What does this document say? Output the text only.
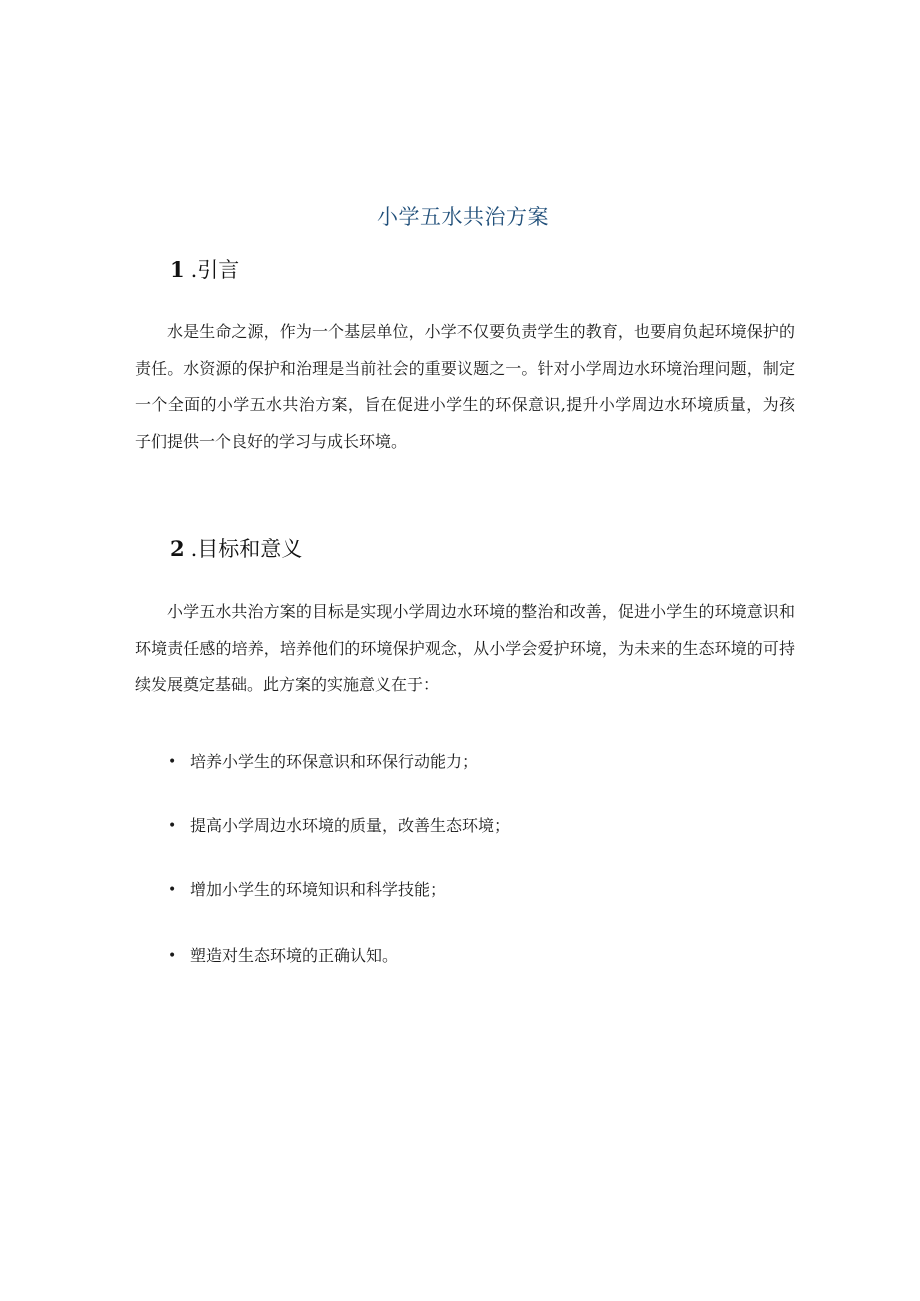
小学五水共治方案
1 .引言

水是生命之源，作为一个基层单位，小学不仅要负责学生的教育，也要肩负起环境保护的责任。水资源的保护和治理是当前社会的重要议题之一。针对小学周边水环境治理问题，制定一个全面的小学五水共治方案，旨在促进小学生的环保意识,提升小学周边水环境质量，为孩子们提供一个良好的学习与成长环境。

2 .目标和意义

小学五水共治方案的目标是实现小学周边水环境的整治和改善，促进小学生的环境意识和环境责任感的培养，培养他们的环境保护观念，从小学会爱护环境，为未来的生态环境的可持续发展奠定基础。此方案的实施意义在于：

• 培养小学生的环保意识和环保行动能力；
• 提高小学周边水环境的质量，改善生态环境；
• 增加小学生的环境知识和科学技能；
• 塑造对生态环境的正确认知。
